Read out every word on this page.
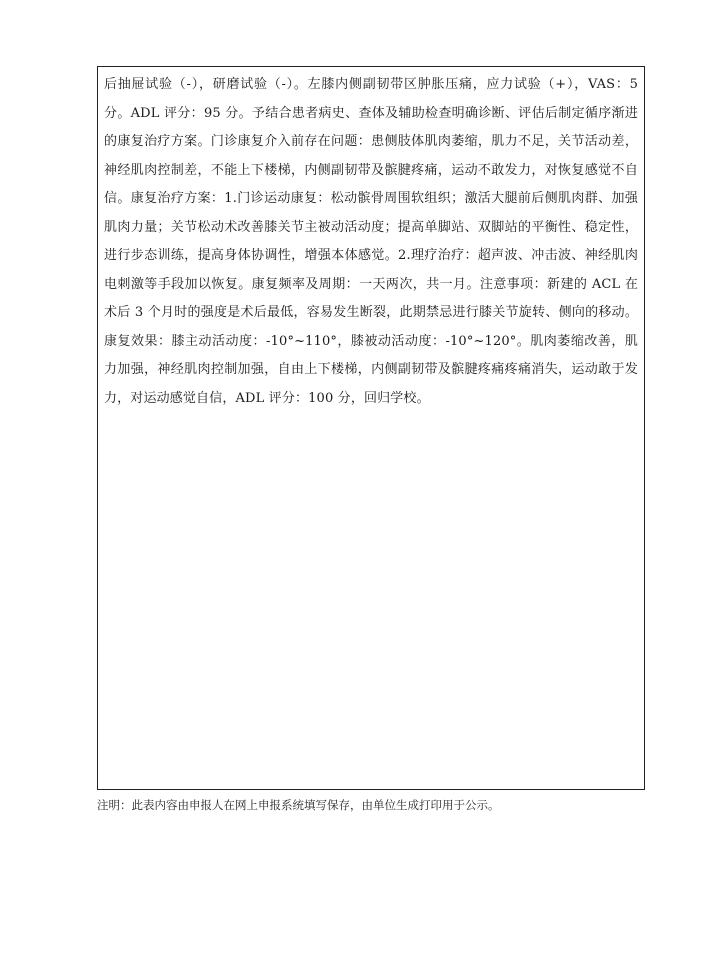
后抽屉试验（-），研磨试验（-）。左膝内侧副韧带区肿胀压痛，应力试验（+），VAS：5 分。ADL 评分：95 分。予结合患者病史、查体及辅助检查明确诊断、评估后制定循序渐进的康复治疗方案。门诊康复介入前存在问题：患侧肢体肌肉萎缩，肌力不足，关节活动差，神经肌肉控制差，不能上下楼梯，内侧副韧带及髌腱疼痛，运动不敢发力，对恢复感觉不自信。康复治疗方案：1.门诊运动康复：松动髌骨周围软组织；激活大腿前后侧肌肉群、加强肌肉力量；关节松动术改善膝关节主被动活动度；提高单脚站、双脚站的平衡性、稳定性，进行步态训练，提高身体协调性，增强本体感觉。2.理疗治疗：超声波、冲击波、神经肌肉电刺激等手段加以恢复。康复频率及周期：一天两次，共一月。注意事项：新建的 ACL 在术后 3 个月时的强度是术后最低，容易发生断裂，此期禁忌进行膝关节旋转、侧向的移动。康复效果：膝主动活动度：-10°~110°，膝被动活动度：-10°~120°。肌肉萎缩改善，肌力加强，神经肌肉控制加强，自由上下楼梯，内侧副韧带及髌腱疼痛疼痛消失，运动敢于发力，对运动感觉自信，ADL 评分：100 分，回归学校。

注明：此表内容由申报人在网上申报系统填写保存，由单位生成打印用于公示。
